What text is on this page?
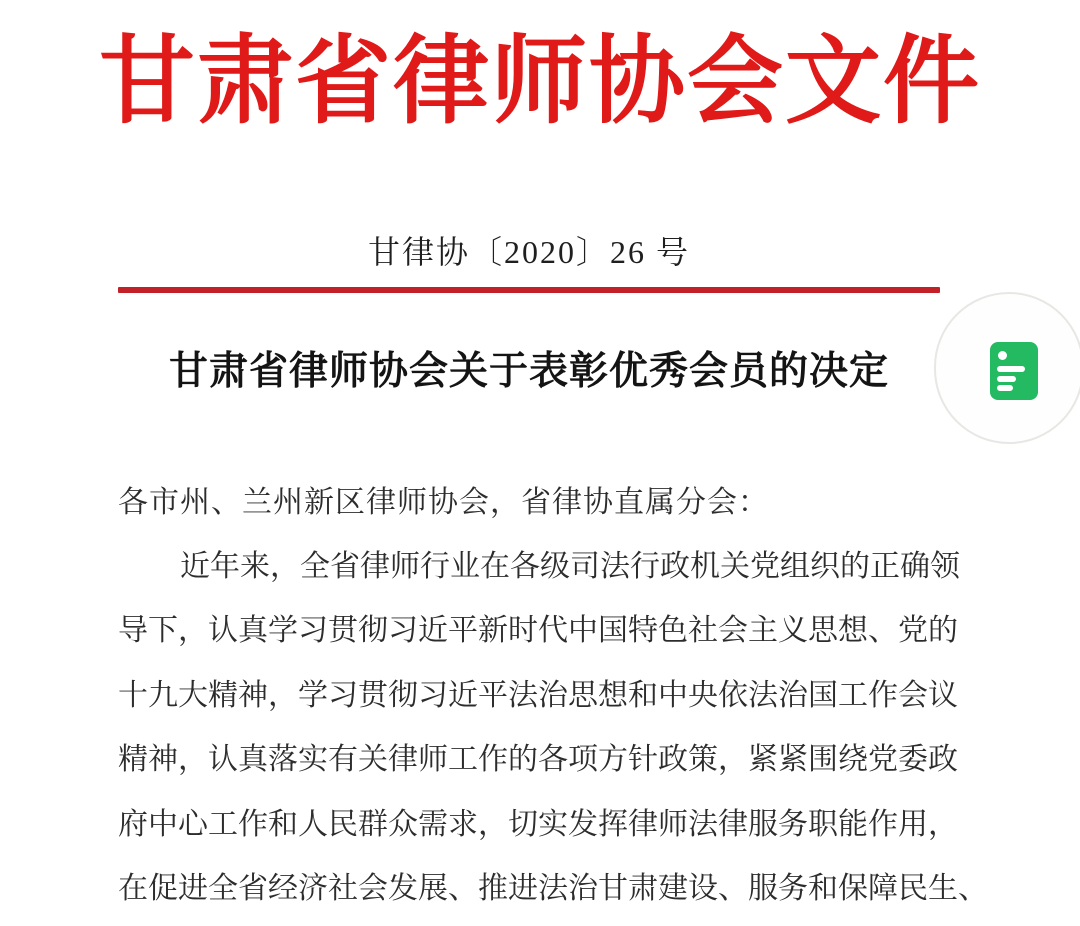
甘肃省律师协会文件
甘律协〔2020〕26 号
甘肃省律师协会关于表彰优秀会员的决定
各市州、兰州新区律师协会，省律协直属分会：
近年来，全省律师行业在各级司法行政机关党组织的正确领
导下，认真学习贯彻习近平新时代中国特色社会主义思想、党的
十九大精神，学习贯彻习近平法治思想和中央依法治国工作会议
精神，认真落实有关律师工作的各项方针政策，紧紧围绕党委政
府中心工作和人民群众需求，切实发挥律师法律服务职能作用，
在促进全省经济社会发展、推进法治甘肃建设、服务和保障民生、
